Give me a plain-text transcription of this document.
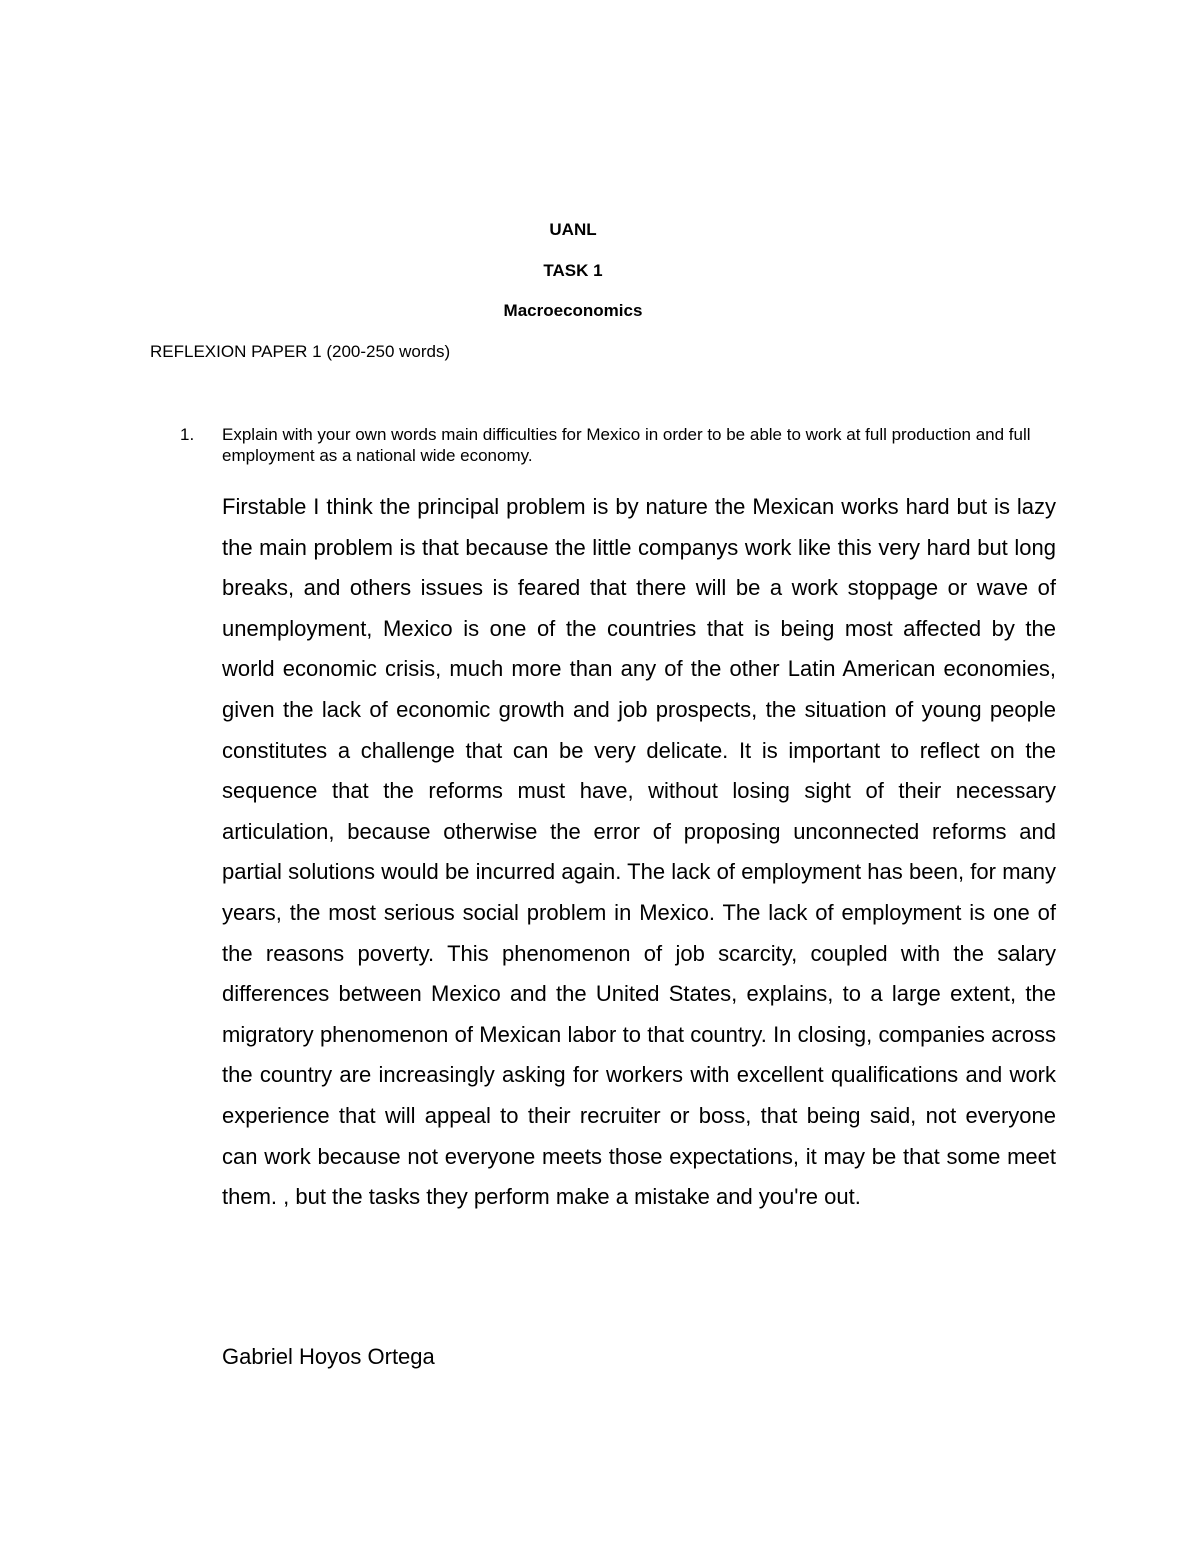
UANL
TASK 1
Macroeconomics
REFLEXION PAPER 1 (200-250 words)
1. Explain with your own words main difficulties for Mexico in order to be able to work at full production and full employment as a national wide economy.

Firstable I think the principal problem is by nature the Mexican works hard but is lazy the main problem is that because the little companys work like this very hard but long breaks, and others issues is feared that there will be a work stoppage or wave of unemployment, Mexico is one of the countries that is being most affected by the world economic crisis, much more than any of the other Latin American economies, given the lack of economic growth and job prospects, the situation of young people constitutes a challenge that can be very delicate. It is important to reflect on the sequence that the reforms must have, without losing sight of their necessary articulation, because otherwise the error of proposing unconnected reforms and partial solutions would be incurred again. The lack of employment has been, for many years, the most serious social problem in Mexico. The lack of employment is one of the reasons poverty. This phenomenon of job scarcity, coupled with the salary differences between Mexico and the United States, explains, to a large extent, the migratory phenomenon of Mexican labor to that country. In closing, companies across the country are increasingly asking for workers with excellent qualifications and work experience that will appeal to their recruiter or boss, that being said, not everyone can work because not everyone meets those expectations, it may be that some meet them. , but the tasks they perform make a mistake and you're out.

Gabriel Hoyos Ortega
